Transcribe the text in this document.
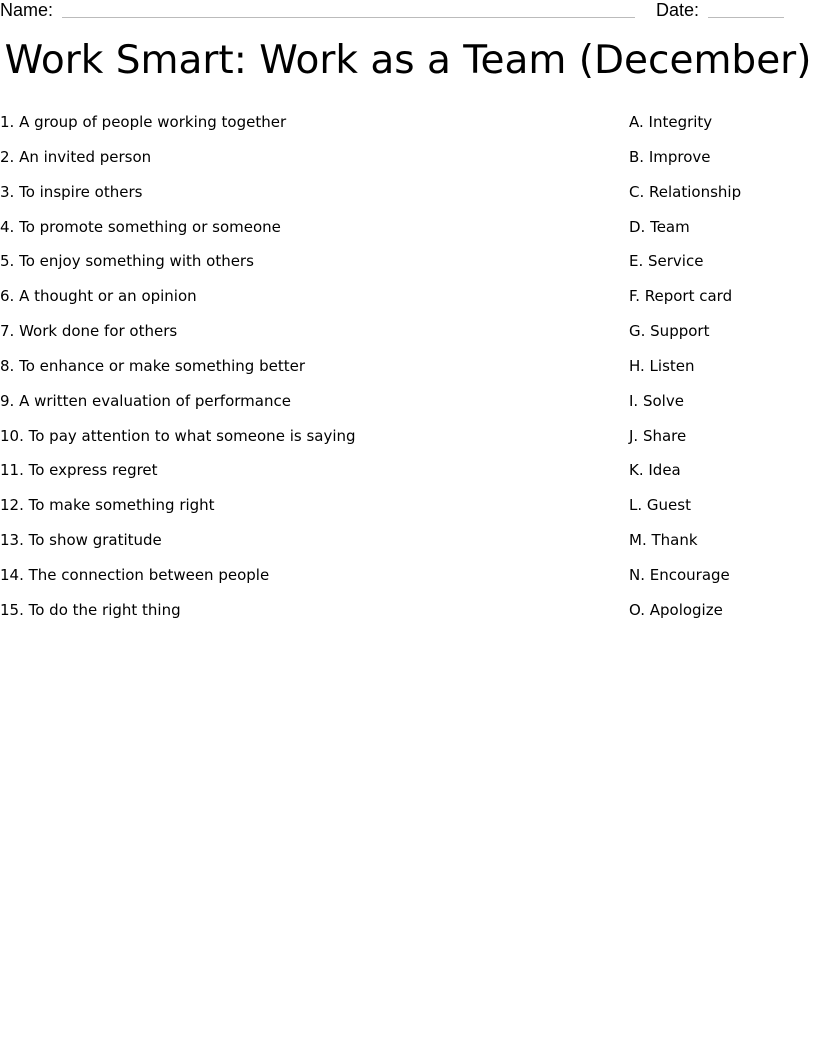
Name:	Date:
Work Smart: Work as a Team (December)
1. A group of people working together
2. An invited person
3. To inspire others
4. To promote something or someone
5. To enjoy something with others
6. A thought or an opinion
7. Work done for others
8. To enhance or make something better
9. A written evaluation of performance
10. To pay attention to what someone is saying
11. To express regret
12. To make something right
13. To show gratitude
14. The connection between people
15. To do the right thing
A. Integrity
B. Improve
C. Relationship
D. Team
E. Service
F. Report card
G. Support
H. Listen
I. Solve
J. Share
K. Idea
L. Guest
M. Thank
N. Encourage
O. Apologize
